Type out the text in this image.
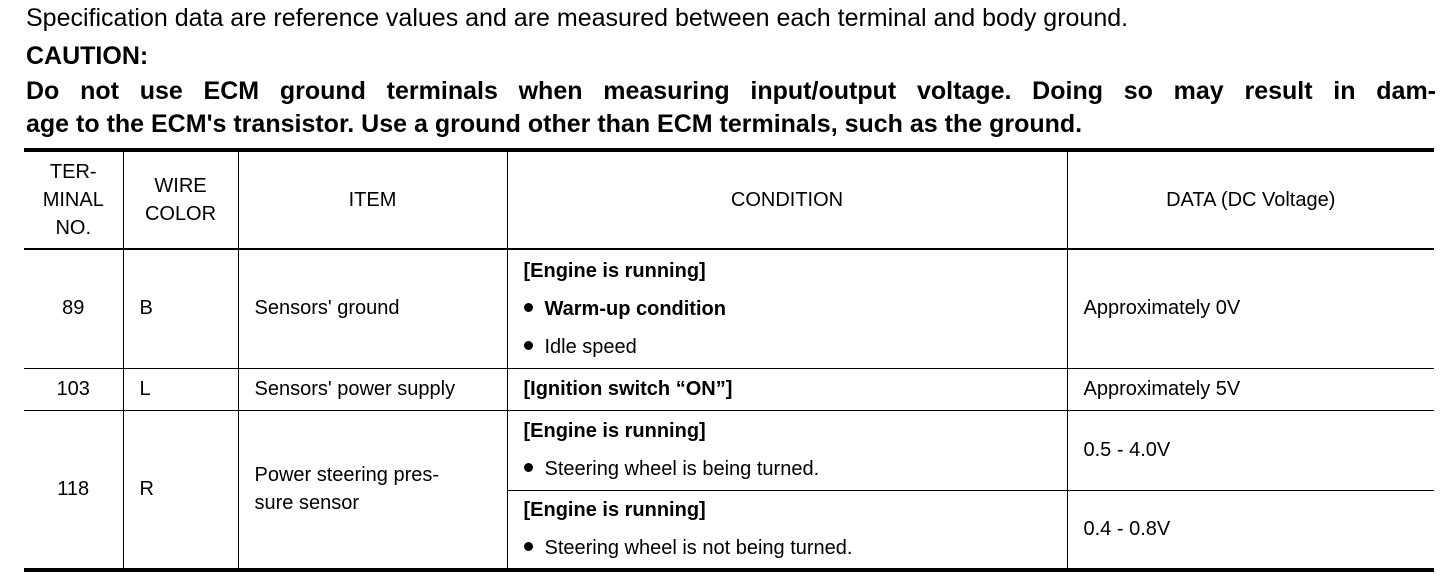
Specification data are reference values and are measured between each terminal and body ground.
CAUTION:
Do not use ECM ground terminals when measuring input/output voltage. Doing so may result in dam-
age to the ECM's transistor. Use a ground other than ECM terminals, such as the ground.
TER-
MINAL
NO.	WIRE
COLOR	ITEM	CONDITION	DATA (DC Voltage)
89	B	Sensors' ground	[Engine is running]
Warm-up condition
Idle speed	Approximately 0V
103	L	Sensors' power supply	[Ignition switch “ON”]	Approximately 5V
118	R	Power steering pres-
sure sensor	[Engine is running]
Steering wheel is being turned.	0.5 - 4.0V

			[Engine is running]
Steering wheel is not being turned.	0.4 - 0.8V
